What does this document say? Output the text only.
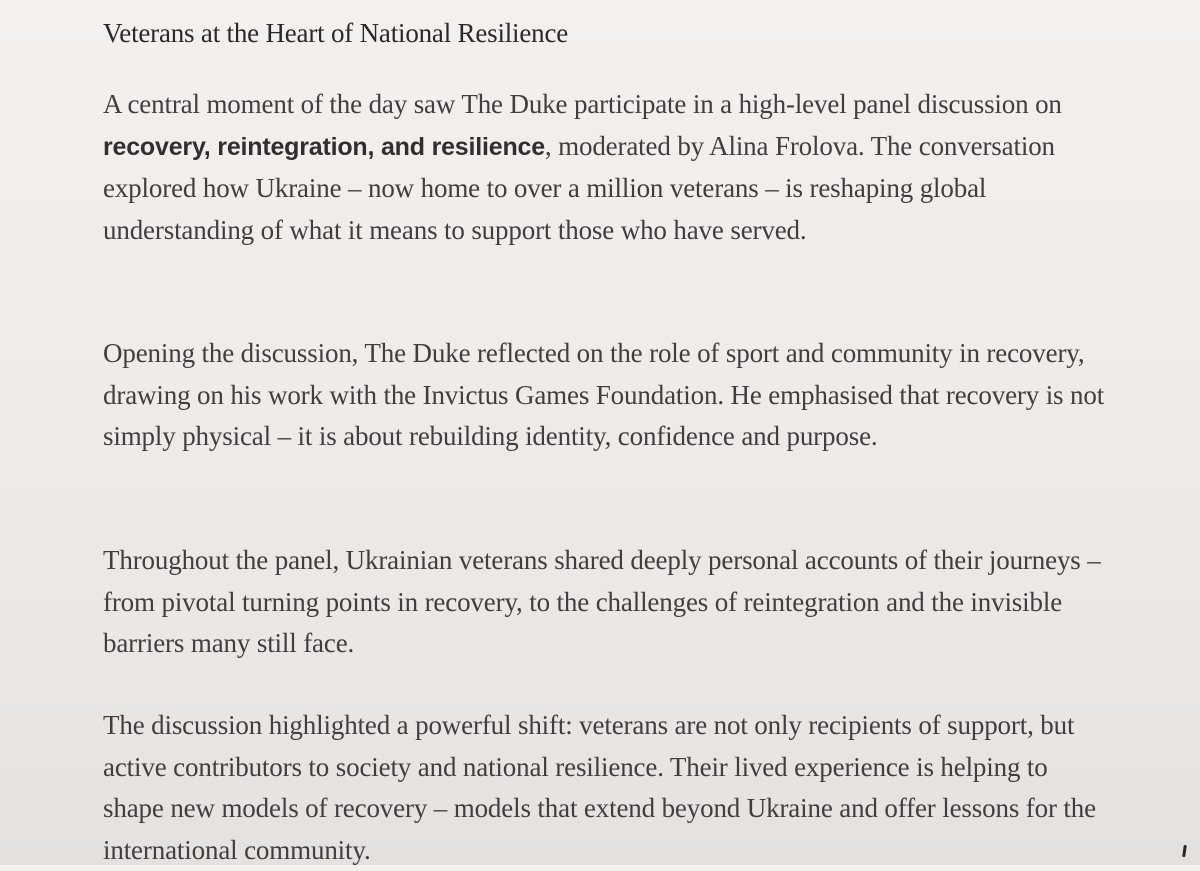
Veterans at the Heart of National Resilience

A central moment of the day saw The Duke participate in a high-level panel discussion on recovery, reintegration, and resilience, moderated by Alina Frolova. The conversation explored how Ukraine – now home to over a million veterans – is reshaping global understanding of what it means to support those who have served.

Opening the discussion, The Duke reflected on the role of sport and community in recovery, drawing on his work with the Invictus Games Foundation. He emphasised that recovery is not simply physical – it is about rebuilding identity, confidence and purpose.

Throughout the panel, Ukrainian veterans shared deeply personal accounts of their journeys – from pivotal turning points in recovery, to the challenges of reintegration and the invisible barriers many still face.

The discussion highlighted a powerful shift: veterans are not only recipients of support, but active contributors to society and national resilience. Their lived experience is helping to shape new models of recovery – models that extend beyond Ukraine and offer lessons for the international community.
